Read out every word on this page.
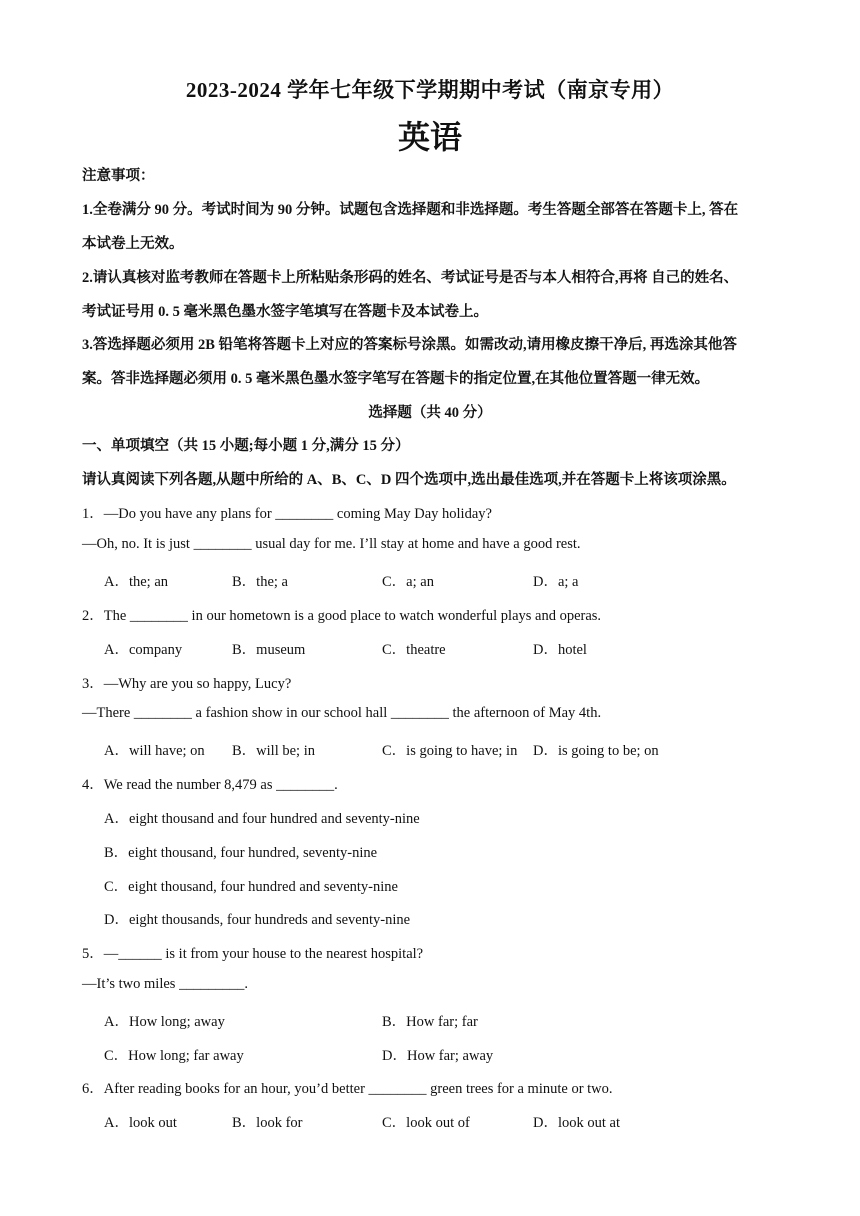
2023-2024 学年七年级下学期期中考试（南京专用）
英语
注意事项：
1.全卷满分 90 分。考试时间为 90 分钟。试题包含选择题和非选择题。考生答题全部答在答题卡上, 答在
本试卷上无效。
2.请认真核对监考教师在答题卡上所粘贴条形码的姓名、考试证号是否与本人相符合,再将 自己的姓名、
考试证号用 0. 5 毫米黑色墨水签字笔填写在答题卡及本试卷上。
3.答选择题必须用 2B 铅笔将答题卡上对应的答案标号涂黑。如需改动,请用橡皮擦干净后, 再选涂其他答
案。答非选择题必须用 0. 5 毫米黑色墨水签字笔写在答题卡的指定位置,在其他位置答题一律无效。
选择题（共 40 分）
一、单项填空（共 15 小题;每小题 1 分,满分 15 分）
请认真阅读下列各题,从题中所给的 A、B、C、D 四个选项中,选出最佳选项,并在答题卡上将该项涂黑。
1．—Do you have any plans for ________ coming May Day holiday?
—Oh, no. It is just ________ usual day for me. I’ll stay at home and have a good rest.
A．the; an	B．the; a	C．a; an	D．a; a
2．The ________ in our hometown is a good place to watch wonderful plays and operas.
A．company	B．museum	C．theatre	D．hotel
3．—Why are you so happy, Lucy?
—There ________ a fashion show in our school hall ________ the afternoon of May 4th.
A．will have; on B．will be; in	C．is going to have; in D．is going to be; on
4．We read the number 8,479 as ________.
A．eight thousand and four hundred and seventy-nine
B．eight thousand, four hundred, seventy-nine
C．eight thousand, four hundred and seventy-nine
D．eight thousands, four hundreds and seventy-nine
5．—______ is it from your house to the nearest hospital?
—It’s two miles _________.
A．How long; away	B．How far; far
C．How long; far away	D．How far; away
6．After reading books for an hour, you’d better ________ green trees for a minute or two.
A．look out	B．look for	C．look out of	D．look out at
